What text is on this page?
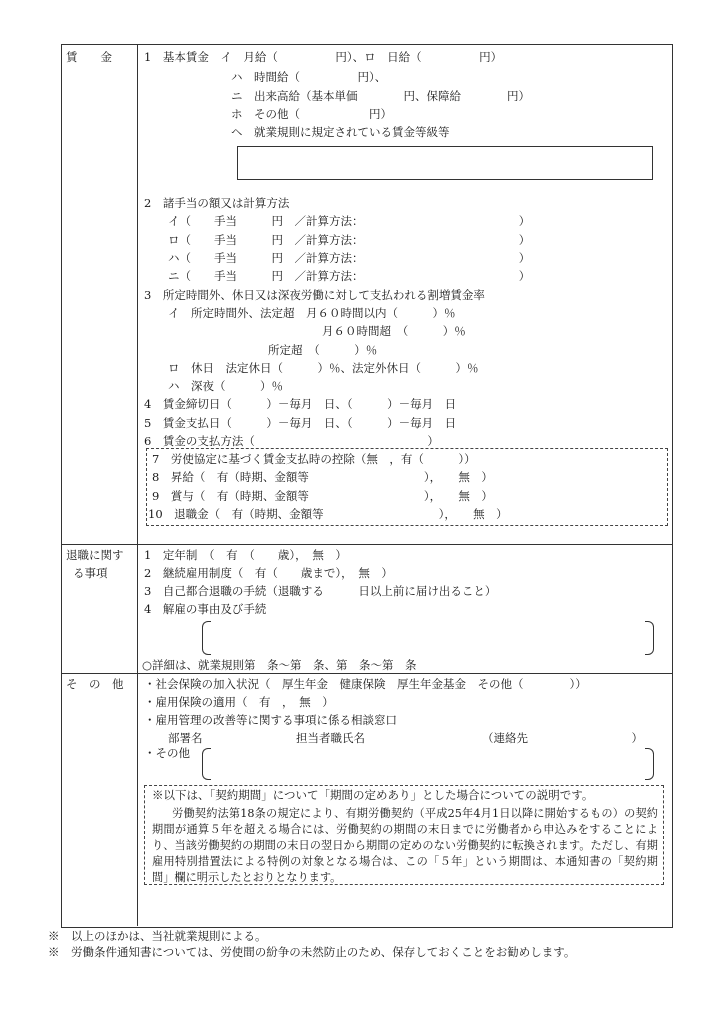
賃　　金	1　基本賃金　イ　月給（　　　　　円）、ロ　日給（　　　　　円）
ハ　時間給（　　　　　円）、
ニ　出来高給（基本単価　　　　円、保障給　　　　円）
ホ　その他（　　　　　　円）
ヘ　就業規則に規定されている賃金等級等
2　諸手当の額又は計算方法
イ（　　手当　　　円　／計算方法：　　　　　　　　　　　　　　）
ロ（　　手当　　　円　／計算方法：　　　　　　　　　　　　　　）
ハ（　　手当　　　円　／計算方法：　　　　　　　　　　　　　　）
ニ（　　手当　　　円　／計算方法：　　　　　　　　　　　　　　）
3　所定時間外、休日又は深夜労働に対して支払われる割増賃金率
イ　所定時間外、法定超　月６０時間以内（　　　）％
月６０時間超　（　　　）％
所定超　（　　　）％
ロ　休日　法定休日（　　　）％、法定外休日（　　　）％
ハ　深夜（　　　）％
4　賃金締切日（　　　）－毎月　日、（　　　）－毎月　日
5　賃金支払日（　　　）－毎月　日、（　　　）－毎月　日
6　賃金の支払方法（　　　　　　　　　　　　　　　）
7　労使協定に基づく賃金支払時の控除（無　，有（　　　））
8　昇給（　有（時期、金額等　　　　　　　　　　），　　無　）
9　賞与（　有（時期、金額等　　　　　　　　　　），　　無　）
10　退職金（　有（時期、金額等　　　　　　　　　　），　　無　）
退職に関す
る事項
1　定年制　（　有　（　　歳），　無　）
2　継続雇用制度（　有（　　歳まで），　無　）
3　自己都合退職の手続（退職する　　　日以上前に届け出ること）
4　解雇の事由及び手続
○詳細は、就業規則第　条～第　条、第　条～第　条
そ　の　他 ・社会保険の加入状況（　厚生年金　健康保険　厚生年金基金　その他（　　　　））
・雇用保険の適用（　有　，　無　）
・雇用管理の改善等に関する事項に係る相談窓口
部署名	担当者職氏名	（連絡先　　　　　　　　　）
・その他
※以下は、「契約期間」について「期間の定めあり」とした場合についての説明です。
労働契約法第18条の規定により、有期労働契約（平成25年4月1日以降に開始するもの）の契約期間が通算５年を超える場合には、労働契約の期間の末日までに労働者から申込みをすることにより、当該労働契約の期間の末日の翌日から期間の定めのない労働契約に転換されます。ただし、有期雇用特別措置法による特例の対象となる場合は、この「５年」という期間は、本通知書の「契約期間」欄に明示したとおりとなります。
※　以上のほかは、当社就業規則による。
※　労働条件通知書については、労使間の紛争の未然防止のため、保存しておくことをお勧めします。
